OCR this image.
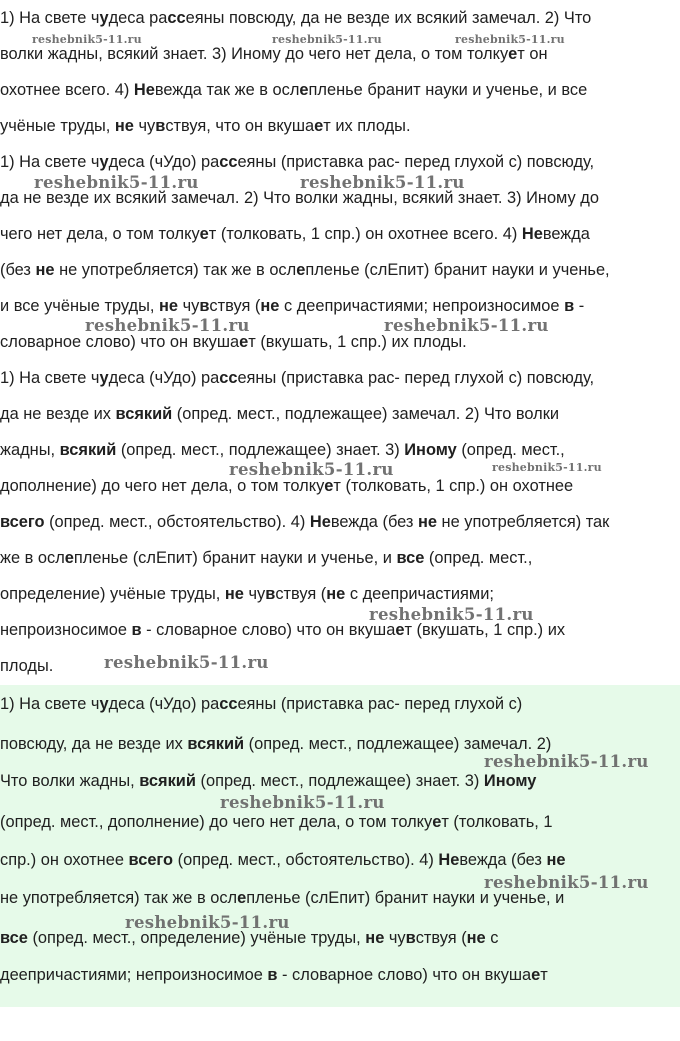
1) На свете чудеса рассеяны повсюду, да не везде их всякий замечал. 2) Что
волки жадны, всякий знает. 3) Иному до чего нет дела, о том толкует он
охотнее всего. 4) Невежда так же в ослепленье бранит науки и ученье, и все
учёные труды, не чувствуя, что он вкушает их плоды.
1) На свете чудеса (чУдо) рассеяны (приставка рас- перед глухой с) повсюду,
да не везде их всякий замечал. 2) Что волки жадны, всякий знает. 3) Иному до
чего нет дела, о том толкует (толковать, 1 спр.) он охотнее всего. 4) Невежда
(без не не употребляется) так же в ослепленье (слЕпит) бранит науки и ученье,
и все учёные труды, не чувствуя (не с деепричастиями; непроизносимое в -
словарное слово) что он вкушает (вкушать, 1 спр.) их плоды.
1) На свете чудеса (чУдо) рассеяны (приставка рас- перед глухой с) повсюду,
да не везде их всякий (опред. мест., подлежащее) замечал. 2) Что волки
жадны, всякий (опред. мест., подлежащее) знает. 3) Иному (опред. мест.,
дополнение) до чего нет дела, о том толкует (толковать, 1 спр.) он охотнее
всего (опред. мест., обстоятельство). 4) Невежда (без не не употребляется) так
же в ослепленье (слЕпит) бранит науки и ученье, и все (опред. мест.,
определение) учёные труды, не чувствуя (не с деепричастиями;
непроизносимое в - словарное слово) что он вкушает (вкушать, 1 спр.) их
плоды.
1) На свете чудеса (чУдо) рассеяны (приставка рас- перед глухой с)
повсюду, да не везде их всякий (опред. мест., подлежащее) замечал. 2)
Что волки жадны, всякий (опред. мест., подлежащее) знает. 3) Иному
(опред. мест., дополнение) до чего нет дела, о том толкует (толковать, 1
спр.) он охотнее всего (опред. мест., обстоятельство). 4) Невежда (без не
не употребляется) так же в ослепленье (слЕпит) бранит науки и ученье, и
все (опред. мест., определение) учёные труды, не чувствуя (не с
деепричастиями; непроизносимое в - словарное слово) что он вкушает
reshebnik5-11.ru	reshebnik5-11.ru	reshebnik5-11.ru
reshebnik5-11.ru	reshebnik5-11.ru
reshebnik5-11.ru	reshebnik5-11.ru
reshebnik5-11.ru	reshebnik5-11.ru
reshebnik5-11.ru
reshebnik5-11.ru
reshebnik5-11.ru
reshebnik5-11.ru
reshebnik5-11.ru
reshebnik5-11.ru
